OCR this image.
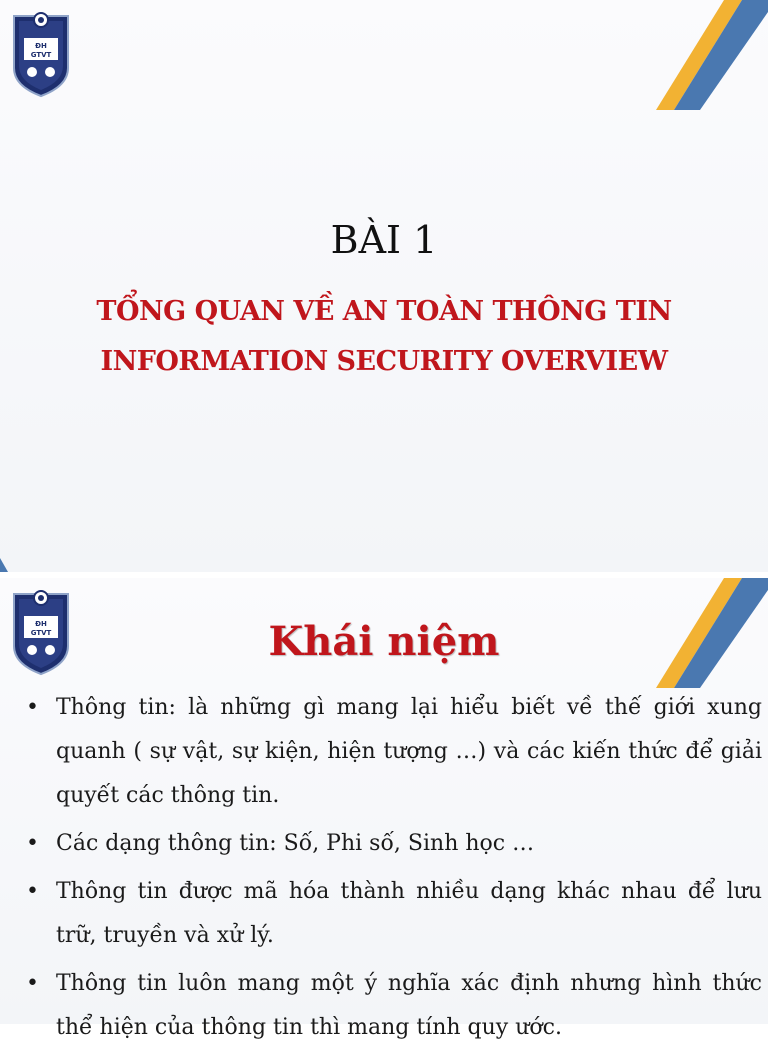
ĐH
GTVT
BÀI 1
TỔNG QUAN VỀ AN TOÀN THÔNG TIN
INFORMATION SECURITY OVERVIEW
ĐH
GTVT	Khái niệm
• Thông tin: là những gì mang lại hiểu biết về thế giới xung quanh ( sự vật, sự kiện, hiện tượng …) và các kiến thức để giải quyết các thông tin.
• Các dạng thông tin: Số, Phi số, Sinh học …
• Thông tin được mã hóa thành nhiều dạng khác nhau để lưu trữ, truyền và xử lý.
• Thông tin luôn mang một ý nghĩa xác định nhưng hình thức thể hiện của thông tin thì mang tính quy ước.
